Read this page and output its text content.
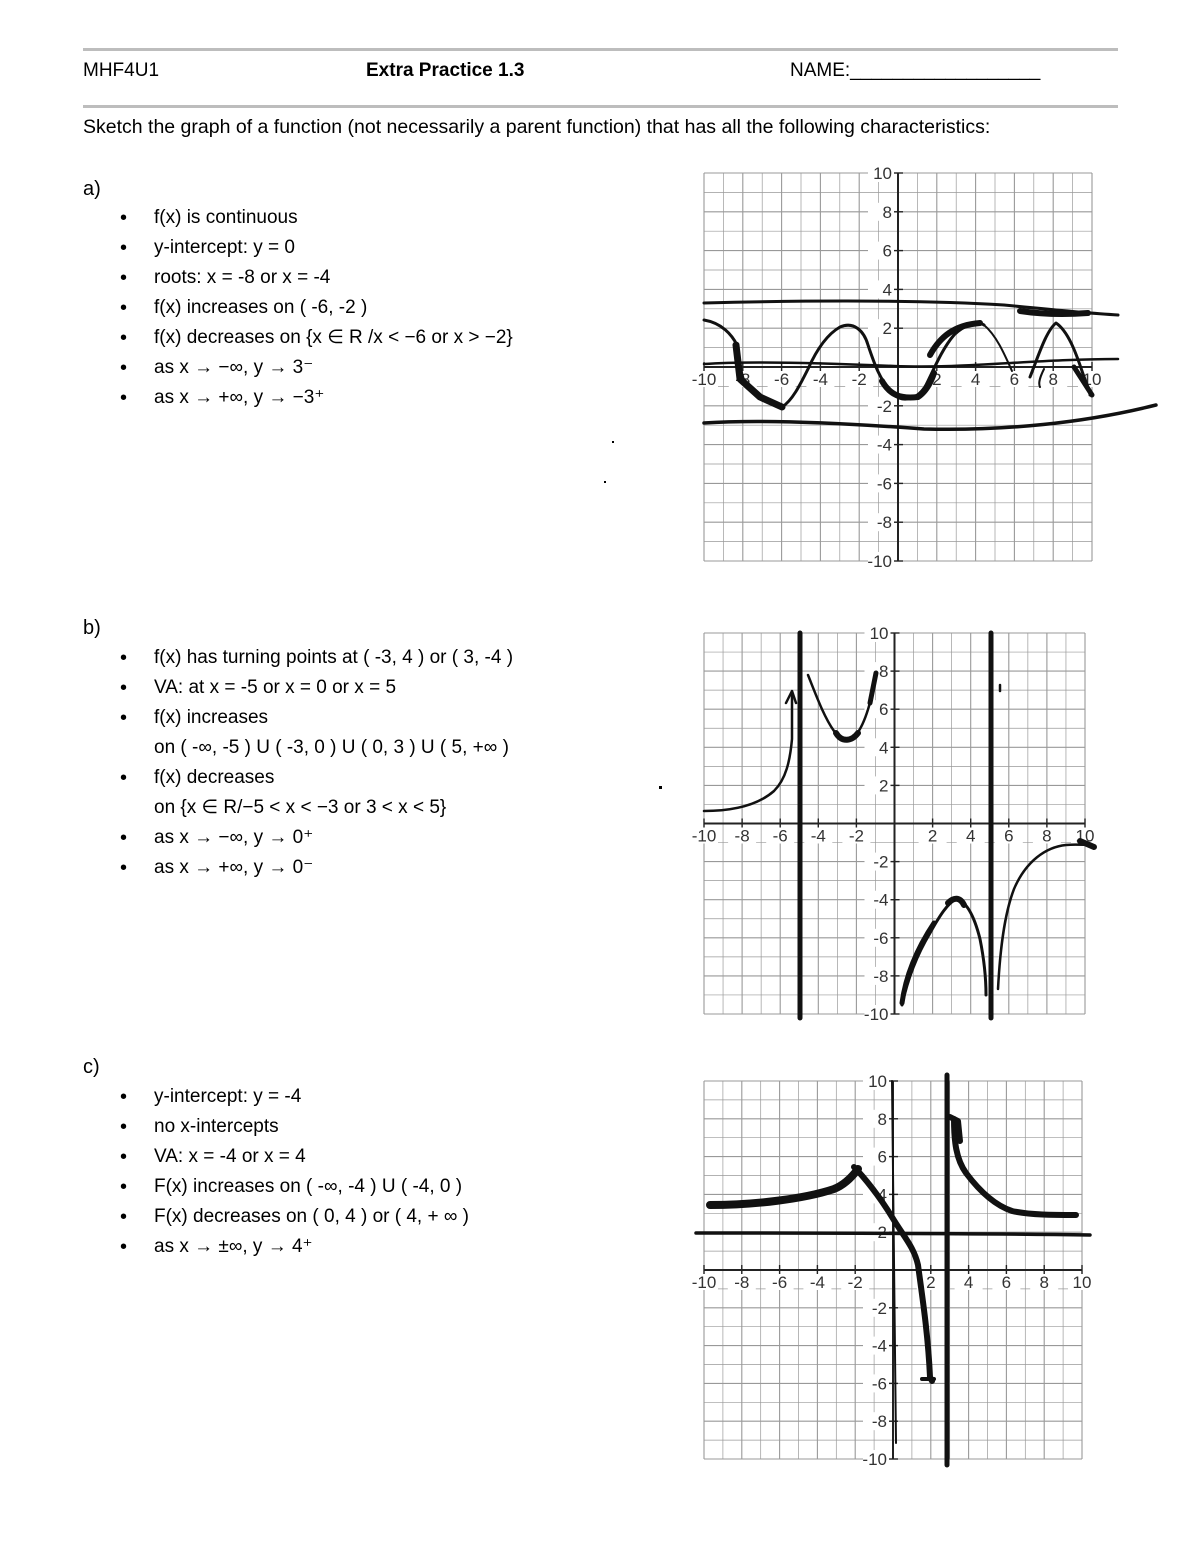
MHF4U1	Extra Practice 1.3	NAME:__________________
Sketch the graph of a function (not necessarily a parent function) that has all the following characteristics:
a)
• f(x) is continuous
• y-intercept: y = 0
• roots: x = -8 or x = -4
• f(x) increases on ( -6, -2 )
• f(x) decreases on {x ∈ R /x < −6 or x > −2}
• as x → −∞, y → 3⁻
• as x → +∞, y → −3⁺
b)
• f(x) has turning points at ( -3, 4 ) or ( 3, -4 )
• VA: at x = -5 or x = 0 or x = 5
• f(x) increases
on ( -∞, -5 ) U ( -3, 0 ) U ( 0, 3 ) U ( 5, +∞ )
• f(x) decreases
on {x ∈ R/−5 < x < −3 or 3 < x < 5}
• as x → −∞, y → 0⁺
• as x → +∞, y → 0⁻
c)
• y-intercept: y = -4
• no x-intercepts
• VA: x = -4 or x = 4
• F(x) increases on ( -∞, -4 ) U ( -4, 0 )
• F(x) decreases on ( 0, 4 ) or ( 4, + ∞ )
• as x → ±∞, y → 4⁺
-10 -8 -6 -4 -2	2 4 6 8 10
10
8
6
4
2
-2
-4
-6
-8
-10
-10 -8 -6 -4 -2	2 4 6 8 10
10
8
6
4
2
-2
-4
-6
-8
-10
-10 -8 -6 -4 -2	2 4 6 8 10
10
8
6
4
2
-2
-4
-6
-8
-10
